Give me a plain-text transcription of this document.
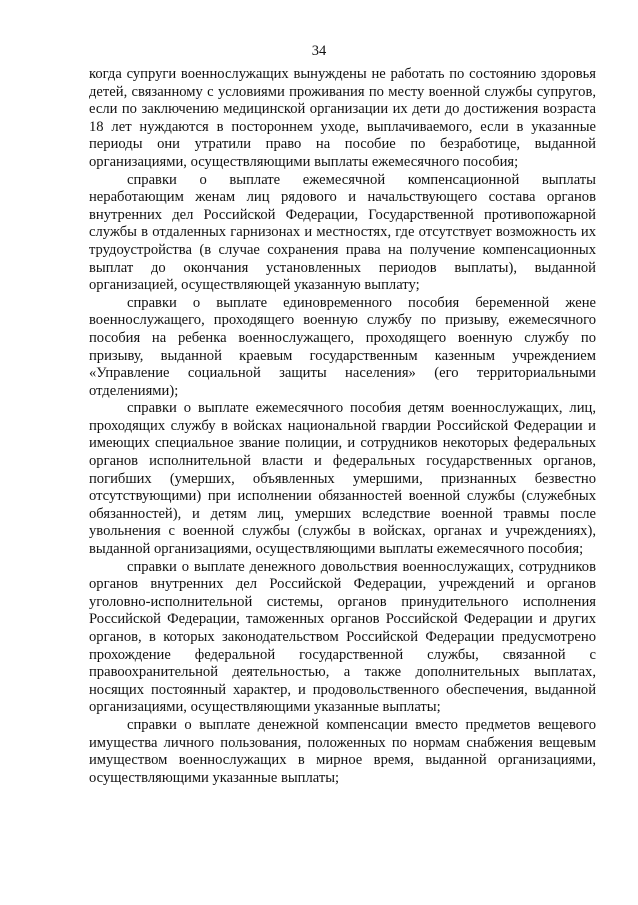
34

когда супруги военнослужащих вынуждены не работать по состоянию здоровья детей, связанному с условиями проживания по месту военной службы супругов, если по заключению медицинской организации их дети до достижения возраста 18 лет нуждаются в постороннем уходе, выплачиваемого, если в указанные периоды они утратили право на пособие по безработице, выданной организациями, осуществляющими выплаты ежемесячного пособия;

справки о выплате ежемесячной компенсационной выплаты неработающим женам лиц рядового и начальствующего состава органов внутренних дел Российской Федерации, Государственной противопожарной службы в отдаленных гарнизонах и местностях, где отсутствует возможность их трудоустройства (в случае сохранения права на получение компенсационных выплат до окончания установленных периодов выплаты), выданной организацией, осуществляющей указанную выплату;

справки о выплате единовременного пособия беременной жене военнослужащего, проходящего военную службу по призыву, ежемесячного пособия на ребенка военнослужащего, проходящего военную службу по призыву, выданной краевым государственным казенным учреждением «Управление социальной защиты населения» (его территориальными отделениями);

справки о выплате ежемесячного пособия детям военнослужащих, лиц, проходящих службу в войсках национальной гвардии Российской Федерации и имеющих специальное звание полиции, и сотрудников некоторых федеральных органов исполнительной власти и федеральных государственных органов, погибших (умерших, объявленных умершими, признанных безвестно отсутствующими) при исполнении обязанностей военной службы (служебных обязанностей), и детям лиц, умерших вследствие военной травмы после увольнения с военной службы (службы в войсках, органах и учреждениях), выданной организациями, осуществляющими выплаты ежемесячного пособия;

справки о выплате денежного довольствия военнослужащих, сотрудников органов внутренних дел Российской Федерации, учреждений и органов уголовно-исполнительной системы, органов принудительного исполнения Российской Федерации, таможенных органов Российской Федерации и других органов, в которых законодательством Российской Федерации предусмотрено прохождение федеральной государственной службы, связанной с правоохранительной деятельностью, а также дополнительных выплатах, носящих постоянный характер, и продовольственного обеспечения, выданной организациями, осуществляющими указанные выплаты;

справки о выплате денежной компенсации вместо предметов вещевого имущества личного пользования, положенных по нормам снабжения вещевым имуществом военнослужащих в мирное время, выданной организациями, осуществляющими указанные выплаты;
